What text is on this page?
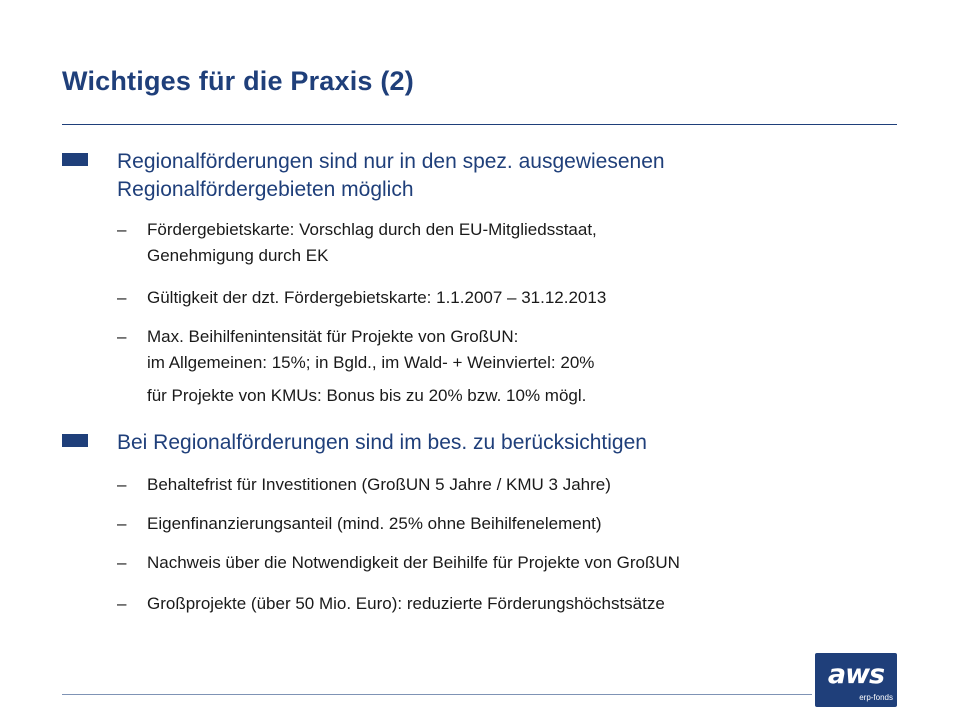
Wichtiges für die Praxis (2)
Regionalförderungen sind nur in den spez. ausgewiesenen
Regionalfördergebieten möglich
– Fördergebietskarte: Vorschlag durch den EU-Mitgliedsstaat,
Genehmigung durch EK
– Gültigkeit der dzt. Fördergebietskarte: 1.1.2007 – 31.12.2013
– Max. Beihilfenintensität für Projekte von GroßUN:
im Allgemeinen: 15%; in Bgld., im Wald- + Weinviertel: 20%
für Projekte von KMUs: Bonus bis zu 20% bzw. 10% mögl.
Bei Regionalförderungen sind im bes. zu berücksichtigen
– Behaltefrist für Investitionen (GroßUN 5 Jahre / KMU 3 Jahre)
– Eigenfinanzierungsanteil (mind. 25% ohne Beihilfenelement)
– Nachweis über die Notwendigkeit der Beihilfe für Projekte von GroßUN
– Großprojekte (über 50 Mio. Euro): reduzierte Förderungshöchstsätze
aws
erp-fonds
